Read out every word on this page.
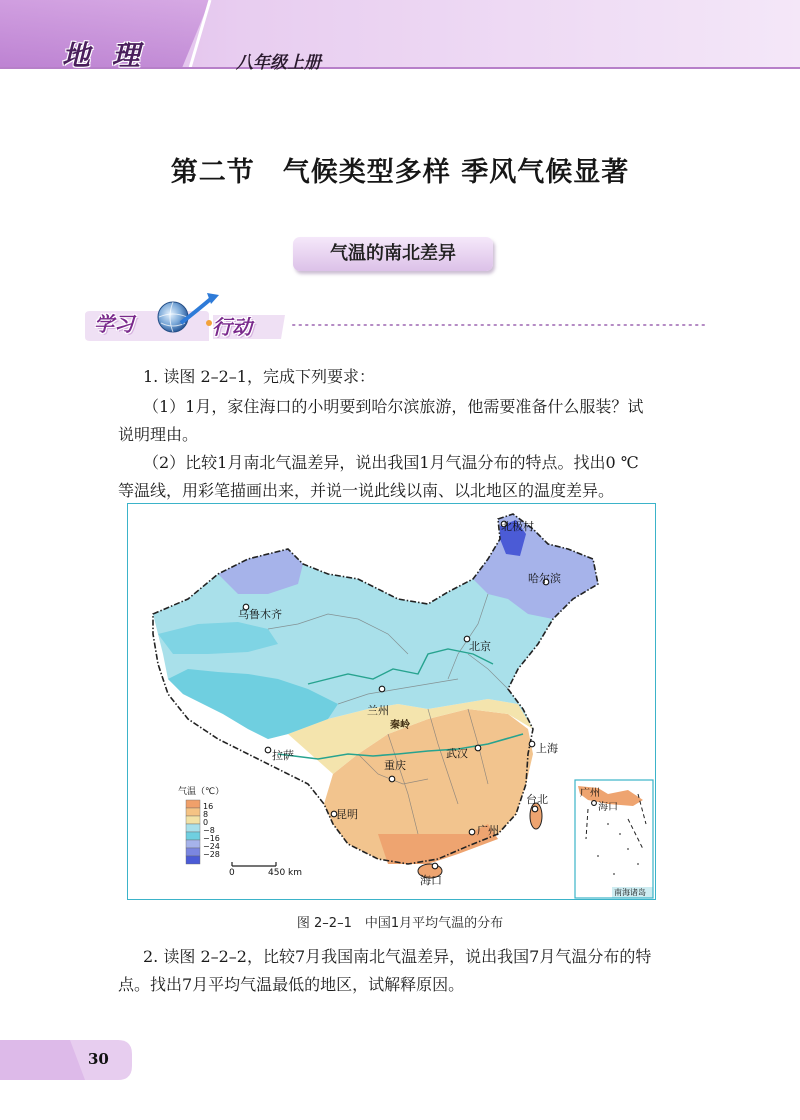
地 理	八年级上册
第二节　气候类型多样 季风气候显著
气温的南北差异
学习	行动
1. 读图 2–2–1，完成下列要求：
（1）1月，家住海口的小明要到哈尔滨旅游，他需要准备什么服装？试
说明理由。
（2）比较1月南北气温差异，说出我国1月气温分布的特点。找出0 ℃
等温线，用彩笔描画出来，并说一说此线以南、以北地区的温度差异。
北极村
哈尔滨
乌鲁木齐
北京
兰州
秦岭
拉萨
重庆
武汉	上海
昆明
广州
台北
海口
广州
海口
南海诸岛
气温（℃）
16
8
0
−8
−16
−24
−28
0	450 km
图 2–2–1　中国1月平均气温的分布
2. 读图 2–2–2，比较7月我国南北气温差异，说出我国7月气温分布的特
点。找出7月平均气温最低的地区，试解释原因。
30
